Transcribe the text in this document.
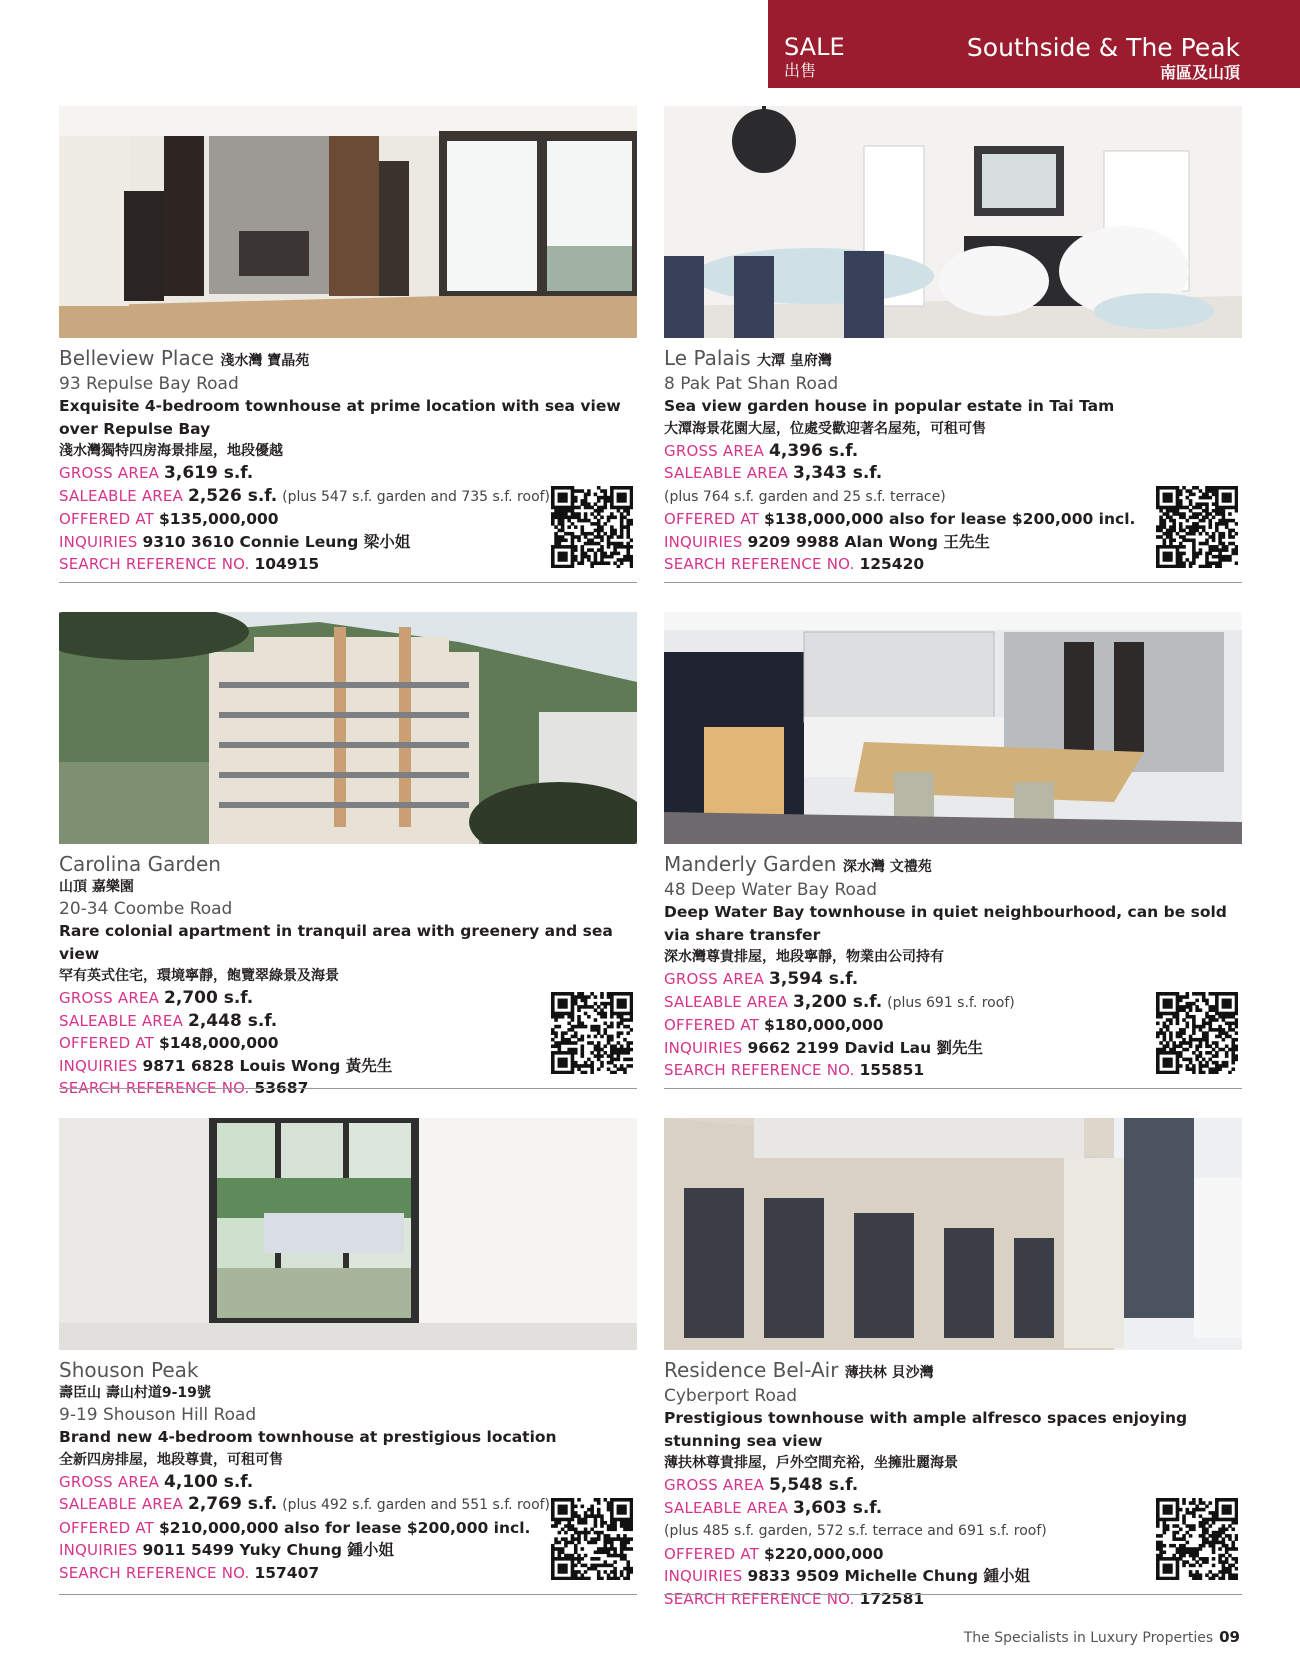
SALE
出售
Southside & The Peak
南區及山頂
Belleview Place 淺水灣 寶晶苑
93 Repulse Bay Road
Exquisite 4-bedroom townhouse at prime location with sea view over Repulse Bay
淺水灣獨特四房海景排屋，地段優越
GROSS AREA 3,619 s.f.
SALEABLE AREA 2,526 s.f. (plus 547 s.f. garden and 735 s.f. roof)
OFFERED AT $135,000,000
INQUIRIES 9310 3610 Connie Leung 梁小姐
SEARCH REFERENCE NO. 104915
Le Palais 大潭 皇府灣
8 Pak Pat Shan Road
Sea view garden house in popular estate in Tai Tam
大潭海景花園大屋，位處受歡迎著名屋苑，可租可售
GROSS AREA 4,396 s.f.
SALEABLE AREA 3,343 s.f.
(plus 764 s.f. garden and 25 s.f. terrace)
OFFERED AT $138,000,000 also for lease $200,000 incl.
INQUIRIES 9209 9988 Alan Wong 王先生
SEARCH REFERENCE NO. 125420
Carolina Garden
山頂 嘉樂園
20-34 Coombe Road
Rare colonial apartment in tranquil area with greenery and sea view
罕有英式住宅，環境寧靜，飽覽翠綠景及海景
GROSS AREA 2,700 s.f.
SALEABLE AREA 2,448 s.f.
OFFERED AT $148,000,000
INQUIRIES 9871 6828 Louis Wong 黃先生
SEARCH REFERENCE NO. 53687
Manderly Garden 深水灣 文禮苑
48 Deep Water Bay Road
Deep Water Bay townhouse in quiet neighbourhood, can be sold via share transfer
深水灣尊貴排屋，地段寧靜，物業由公司持有
GROSS AREA 3,594 s.f.
SALEABLE AREA 3,200 s.f. (plus 691 s.f. roof)
OFFERED AT $180,000,000
INQUIRIES 9662 2199 David Lau 劉先生
SEARCH REFERENCE NO. 155851
Shouson Peak
壽臣山 壽山村道9-19號
9-19 Shouson Hill Road
Brand new 4-bedroom townhouse at prestigious location
全新四房排屋，地段尊貴，可租可售
GROSS AREA 4,100 s.f.
SALEABLE AREA 2,769 s.f. (plus 492 s.f. garden and 551 s.f. roof)
OFFERED AT $210,000,000 also for lease $200,000 incl.
INQUIRIES 9011 5499 Yuky Chung 鍾小姐
SEARCH REFERENCE NO. 157407
Residence Bel-Air 薄扶林 貝沙灣
Cyberport Road
Prestigious townhouse with ample alfresco spaces enjoying stunning sea view
薄扶林尊貴排屋，戶外空間充裕，坐擁壯麗海景
GROSS AREA 5,548 s.f.
SALEABLE AREA 3,603 s.f.
(plus 485 s.f. garden, 572 s.f. terrace and 691 s.f. roof)
OFFERED AT $220,000,000
INQUIRIES 9833 9509 Michelle Chung 鍾小姐
SEARCH REFERENCE NO. 172581
The Specialists in Luxury Properties 09
